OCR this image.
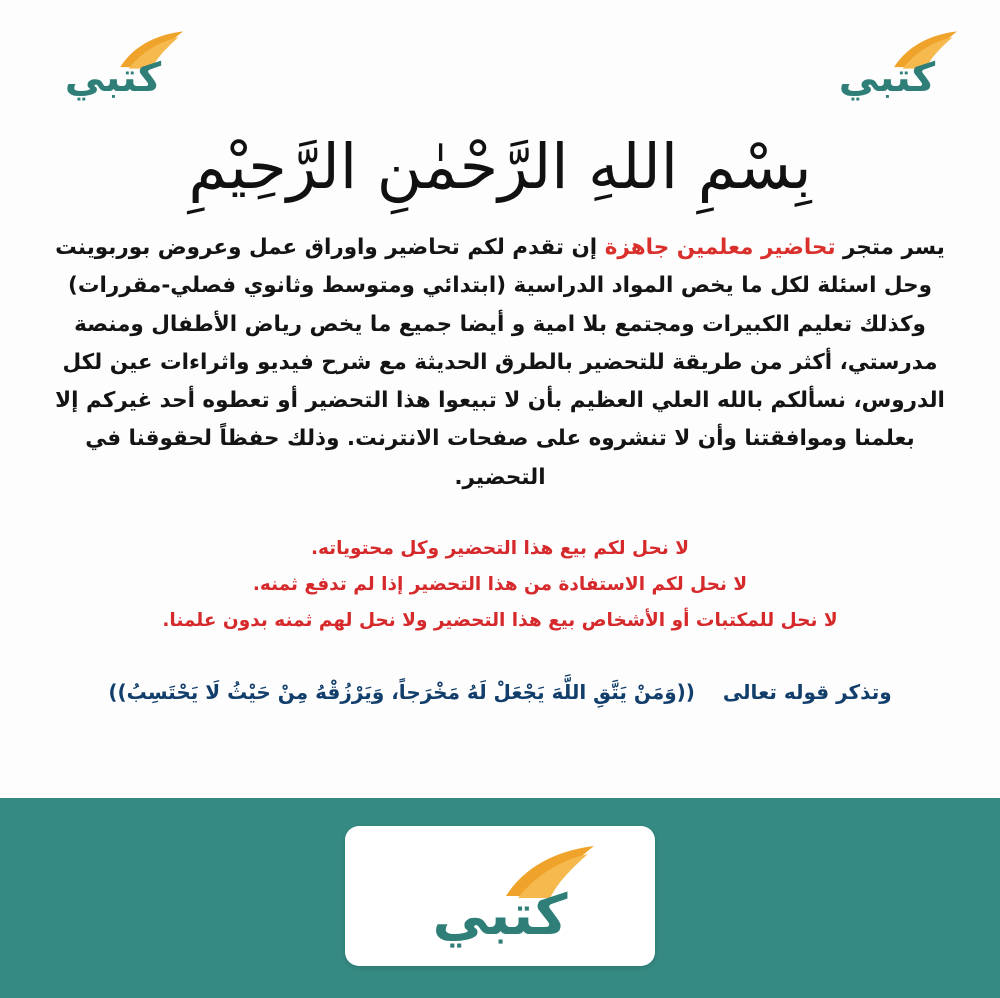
كتبي
كتبي
بِسْمِ اللهِ الرَّحْمٰنِ الرَّحِيْمِ

يسر متجر تحاضير معلمين جاهزة إن تقدم لكم تحاضير واوراق عمل وعروض بوربوينت وحل اسئلة لكل ما يخص المواد الدراسية (ابتدائي ومتوسط وثانوي فصلي-مقررات) وكذلك تعليم الكبيرات ومجتمع بلا امية و أيضا جميع ما يخص رياض الأطفال ومنصة مدرستي، أكثر من طريقة للتحضير بالطرق الحديثة مع شرح فيديو واثراءات عين لكل الدروس، نسألكم بالله العلي العظيم بأن لا تبيعوا هذا التحضير أو تعطوه أحد غيركم إلا بعلمنا وموافقتنا وأن لا تنشروه على صفحات الانترنت. وذلك حفظاً لحقوقنا في التحضير.

لا نحل لكم بيع هذا التحضير وكل محتوياته.
لا نحل لكم الاستفادة من هذا التحضير إذا لم تدفع ثمنه.
لا نحل للمكتبات أو الأشخاص بيع هذا التحضير ولا نحل لهم ثمنه بدون علمنا.
وتذكر قوله تعالى    ((وَمَنْ يَتَّقِ اللَّهَ يَجْعَلْ لَهُ مَخْرَجاً، وَيَرْزُقْهُ مِنْ حَيْثُ لَا يَحْتَسِبُ))
كتبي
